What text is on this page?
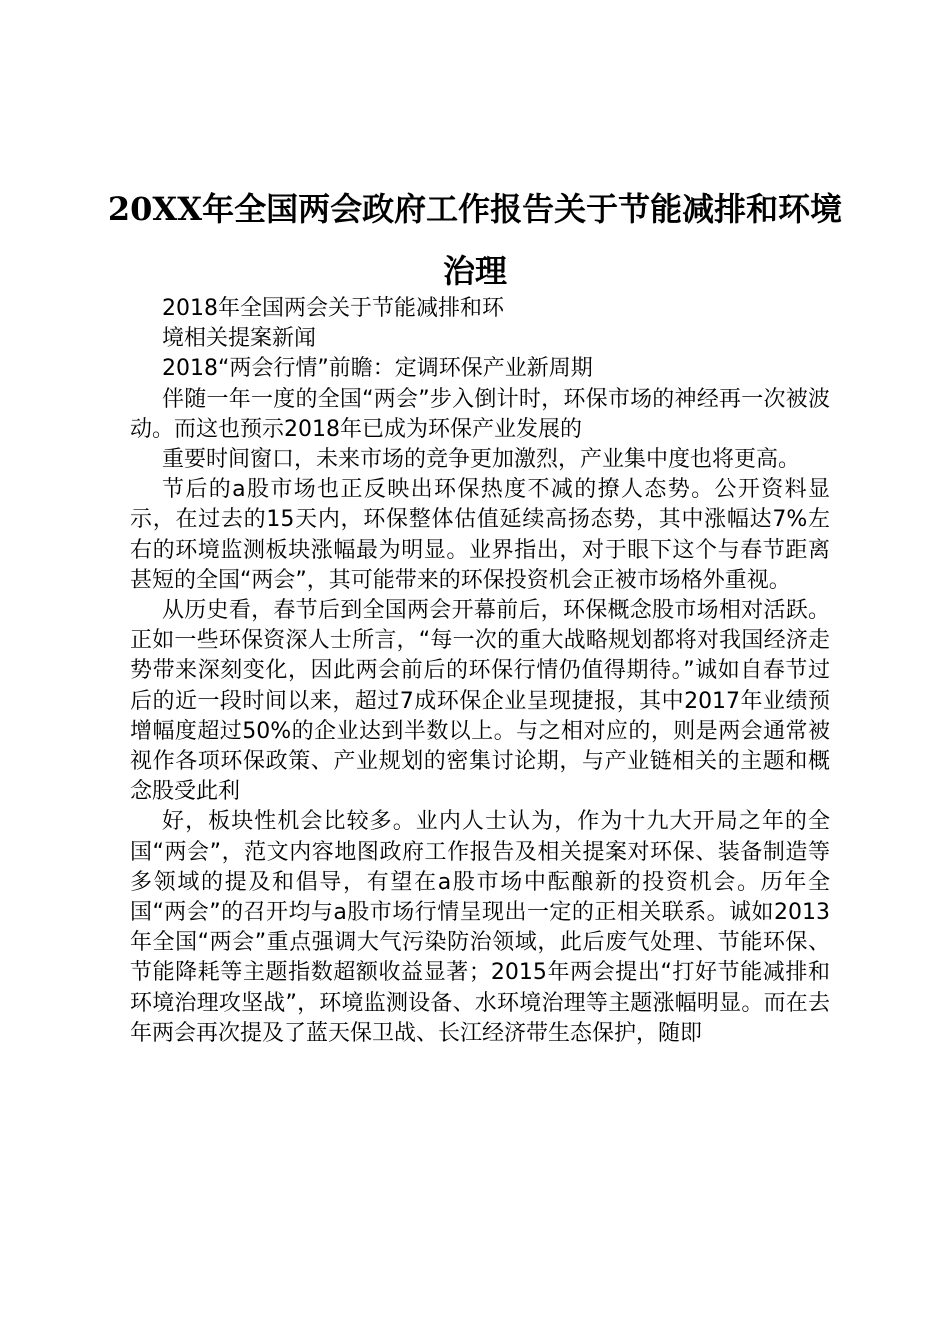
20XX年全国两会政府工作报告关于节能减排和环境治理

2018年全国两会关于节能减排和环

境相关提案新闻

2018“两会行情”前瞻：定调环保产业新周期

伴随一年一度的全国“两会”步入倒计时，环保市场的神经再一次被波动。而这也预示2018年已成为环保产业发展的

重要时间窗口，未来市场的竞争更加激烈，产业集中度也将更高。

节后的a股市场也正反映出环保热度不减的撩人态势。公开资料显示，在过去的15天内，环保整体估值延续高扬态势，其中涨幅达7%左右的环境监测板块涨幅最为明显。业界指出，对于眼下这个与春节距离甚短的全国“两会”，其可能带来的环保投资机会正被市场格外重视。

从历史看，春节后到全国两会开幕前后，环保概念股市场相对活跃。正如一些环保资深人士所言，“每一次的重大战略规划都将对我国经济走势带来深刻变化，因此两会前后的环保行情仍值得期待。”诚如自春节过后的近一段时间以来，超过7成环保企业呈现捷报，其中2017年业绩预增幅度超过50%的企业达到半数以上。与之相对应的，则是两会通常被视作各项环保政策、产业规划的密集讨论期，与产业链相关的主题和概念股受此利

好，板块性机会比较多。业内人士认为，作为十九大开局之年的全国“两会”，范文内容地图政府工作报告及相关提案对环保、装备制造等多领域的提及和倡导，有望在a股市场中酝酿新的投资机会。历年全国“两会”的召开均与a股市场行情呈现出一定的正相关联系。诚如2013年全国“两会”重点强调大气污染防治领域，此后废气处理、节能环保、节能降耗等主题指数超额收益显著；2015年两会提出“打好节能减排和环境治理攻坚战”，环境监测设备、水环境治理等主题涨幅明显。而在去年两会再次提及了蓝天保卫战、长江经济带生态保护，随即
